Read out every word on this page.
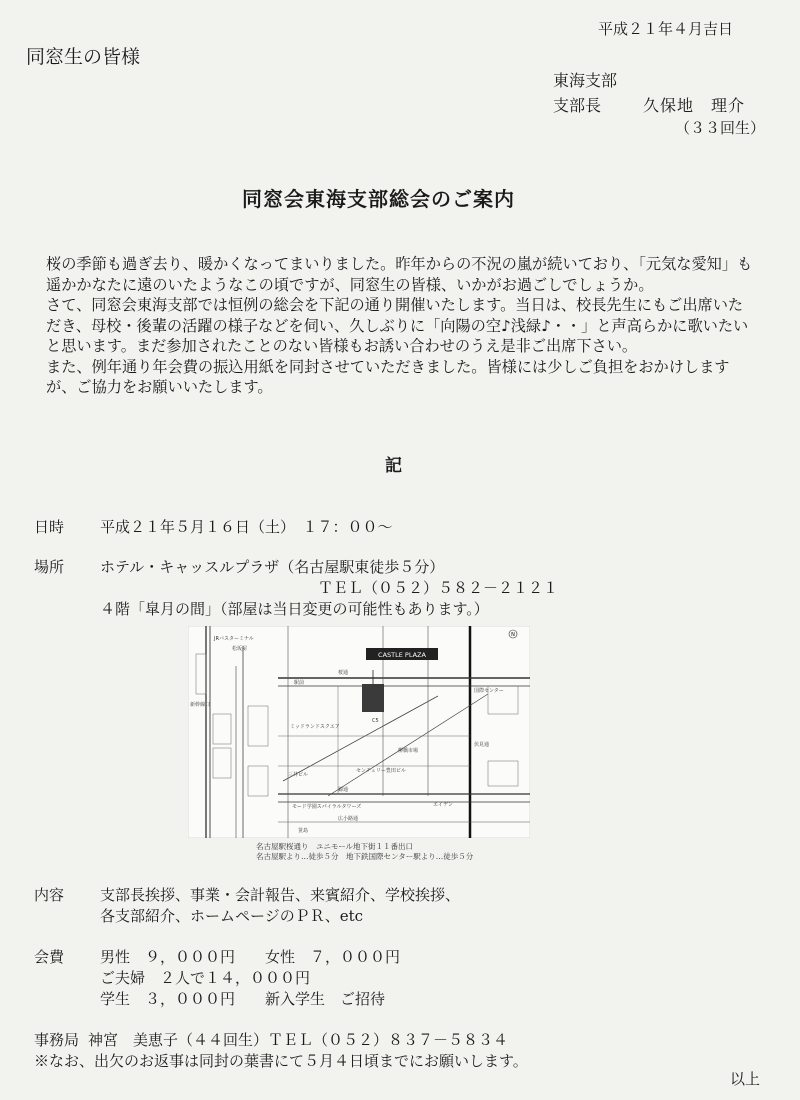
平成２１年４月吉日
同窓生の皆様
東海支部
支部長	久保地　理介
（３３回生）
同窓会東海支部総会のご案内

桜の季節も過ぎ去り、暖かくなってまいりました。昨年からの不況の嵐が続いており、「元気な愛知」も遥かかなたに遠のいたようなこの頃ですが、同窓生の皆様、いかがお過ごしでしょうか。

さて、同窓会東海支部では恒例の総会を下記の通り開催いたします。当日は、校長先生にもご出席いただき、母校・後輩の活躍の様子などを伺い、久しぶりに「向陽の空♪浅緑♪・・」と声高らかに歌いたいと思います。まだ参加されたことのない皆様もお誘い合わせのうえ是非ご出席下さい。

また、例年通り年会費の振込用紙を同封させていただきました。皆様には少しご負担をおかけしますが、ご協力をお願いいたします。

記
日時 平成２１年５月１６日（土）　１７：００～
場所 ホテル・キャッスルプラザ（名古屋駅東徒歩５分）
ＴＥＬ（０５２）５８２－２１２１
４階「皐月の間」（部屋は当日変更の可能性もあります。）
CASTLE PLAZA
N
JRバスターミナル
松坂屋
新幹線口
桜通
駅前
錦通
C5
ミッドランドスクエア
センチュリー豊田ビル
モード学園スパイラルタワーズ
広小路通
笹島
国際センター
エイデン
柳橋市場
伏見通
三井ビル
名古屋駅桜通り　ユニモール地下街１１番出口
名古屋駅より…徒歩５分　地下鉄国際センター駅より…徒歩５分
内容 支部長挨拶、事業・会計報告、来賓紹介、学校挨拶、
各支部紹介、ホームページのＰＲ、etc
会費 男性　９，０００円　　女性　７，０００円
ご夫婦　２人で１４，０００円
学生　３，０００円　　新入学生　ご招待
事務局 神宮　美恵子（４４回生）ＴＥＬ（０５２）８３７－５８３４
※なお、出欠のお返事は同封の葉書にて５月４日頃までにお願いします。
以上
